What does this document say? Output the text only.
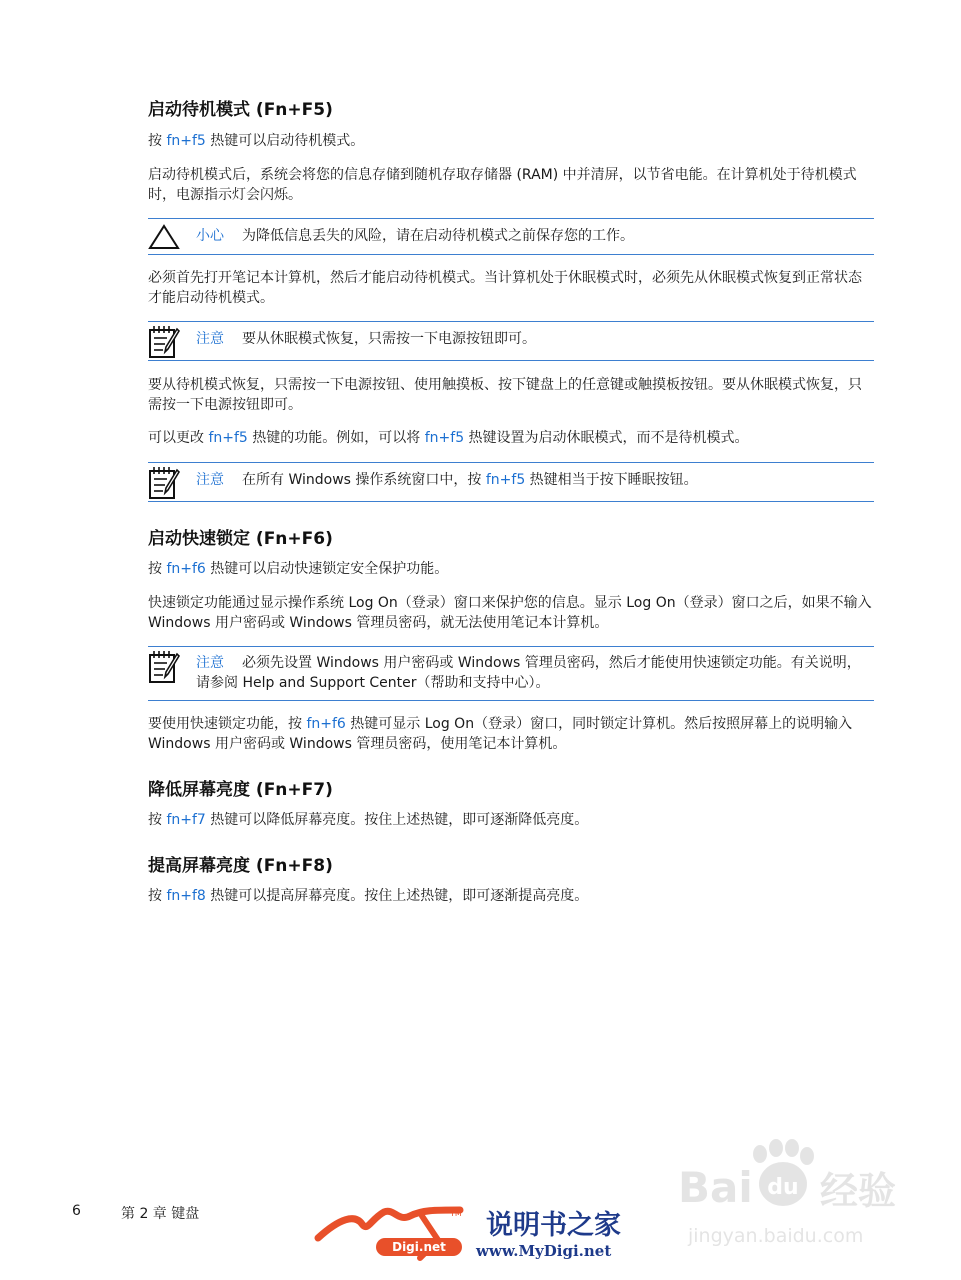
启动待机模式 (Fn+F5)

按 fn+f5 热键可以启动待机模式。

启动待机模式后，系统会将您的信息存储到随机存取存储器 (RAM) 中并清屏，以节省电能。在计算机处于待机模式时，电源指示灯会闪烁。

小心 为降低信息丢失的风险，请在启动待机模式之前保存您的工作。

必须首先打开笔记本计算机，然后才能启动待机模式。当计算机处于休眠模式时，必须先从休眠模式恢复到正常状态才能启动待机模式。

注意 要从休眠模式恢复，只需按一下电源按钮即可。

要从待机模式恢复，只需按一下电源按钮、使用触摸板、按下键盘上的任意键或触摸板按钮。要从休眠模式恢复，只需按一下电源按钮即可。

可以更改 fn+f5 热键的功能。例如，可以将 fn+f5 热键设置为启动休眠模式，而不是待机模式。

注意 在所有 Windows 操作系统窗口中，按 fn+f5 热键相当于按下睡眠按钮。
启动快速锁定 (Fn+F6)

按 fn+f6 热键可以启动快速锁定安全保护功能。

快速锁定功能通过显示操作系统 Log On（登录）窗口来保护您的信息。显示 Log On（登录）窗口之后，如果不输入 Windows 用户密码或 Windows 管理员密码，就无法使用笔记本计算机。

注意 必须先设置 Windows 用户密码或 Windows 管理员密码，然后才能使用快速锁定功能。有关说明，请参阅 Help and Support Center（帮助和支持中心）。

要使用快速锁定功能，按 fn+f6 热键可显示 Log On（登录）窗口，同时锁定计算机。然后按照屏幕上的说明输入 Windows 用户密码或 Windows 管理员密码，使用笔记本计算机。

降低屏幕亮度 (Fn+F7)

按 fn+f7 热键可以降低屏幕亮度。按住上述热键，即可逐渐降低亮度。

提高屏幕亮度 (Fn+F8)

按 fn+f8 热键可以提高屏幕亮度。按住上述热键，即可逐渐提高亮度。

6	第 2 章 键盘	TM
Digi.net
说明书之家
www.MyDigi.net
Bai du 经验
jingyan.baidu.com
